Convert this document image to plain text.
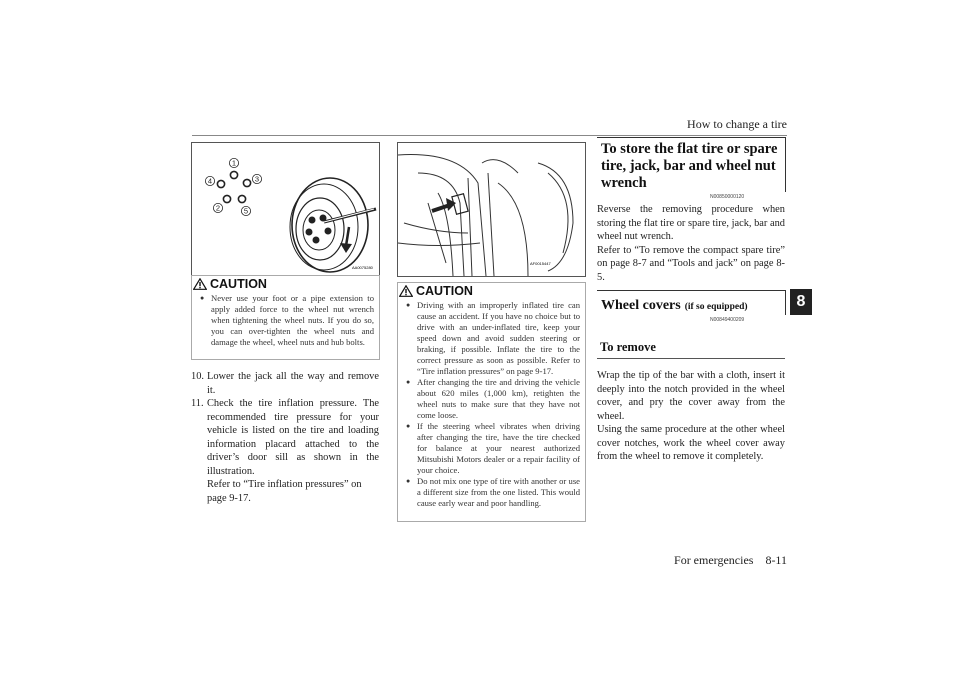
How to change a tire
8
For emergencies 8-11
1
2
3
4
5
AA0075280
CAUTION
● Never use your foot or a pipe extension to apply added force to the wheel nut wrench when tightening the wheel nuts. If you do so, you can over-tighten the wheel nuts and damage the wheel, wheel nuts and hub bolts.
10. Lower the jack all the way and remove it.
11. Check the tire inflation pressure. The recommended tire pressure for your vehicle is listed on the tire and loading information placard attached to the driver’s door sill as shown in the illustration.
Refer to “Tire inflation pressures” on page 9-17.
AF0015447
CAUTION
● Driving with an improperly inflated tire can cause an accident. If you have no choice but to drive with an under-inflated tire, keep your speed down and avoid sudden steering or braking, if possible. Inflate the tire to the correct pressure as soon as possible. Refer to “Tire inflation pressures” on page 9-17.
● After changing the tire and driving the vehicle about 620 miles (1,000 km), retighten the wheel nuts to make sure that they have not come loose.
● If the steering wheel vibrates when driving after changing the tire, have the tire checked for balance at your nearest authorized Mitsubishi Motors dealer or a repair facility of your choice.
● Do not mix one type of tire with another or use a different size from the one listed. This would cause early wear and poor handling.
To store the flat tire or spare tire, jack, bar and wheel nut wrench
N00850000120
Reverse the removing procedure when storing the flat tire or spare tire, jack, bar and wheel nut wrench.
Refer to “To remove the compact spare tire” on page 8-7 and “Tools and jack” on page 8-5.
Wheel covers (if so equipped)
N00849400209
To remove
Wrap the tip of the bar with a cloth, insert it deeply into the notch provided in the wheel cover, and pry the cover away from the wheel.
Using the same procedure at the other wheel cover notches, work the wheel cover away from the wheel to remove it completely.
